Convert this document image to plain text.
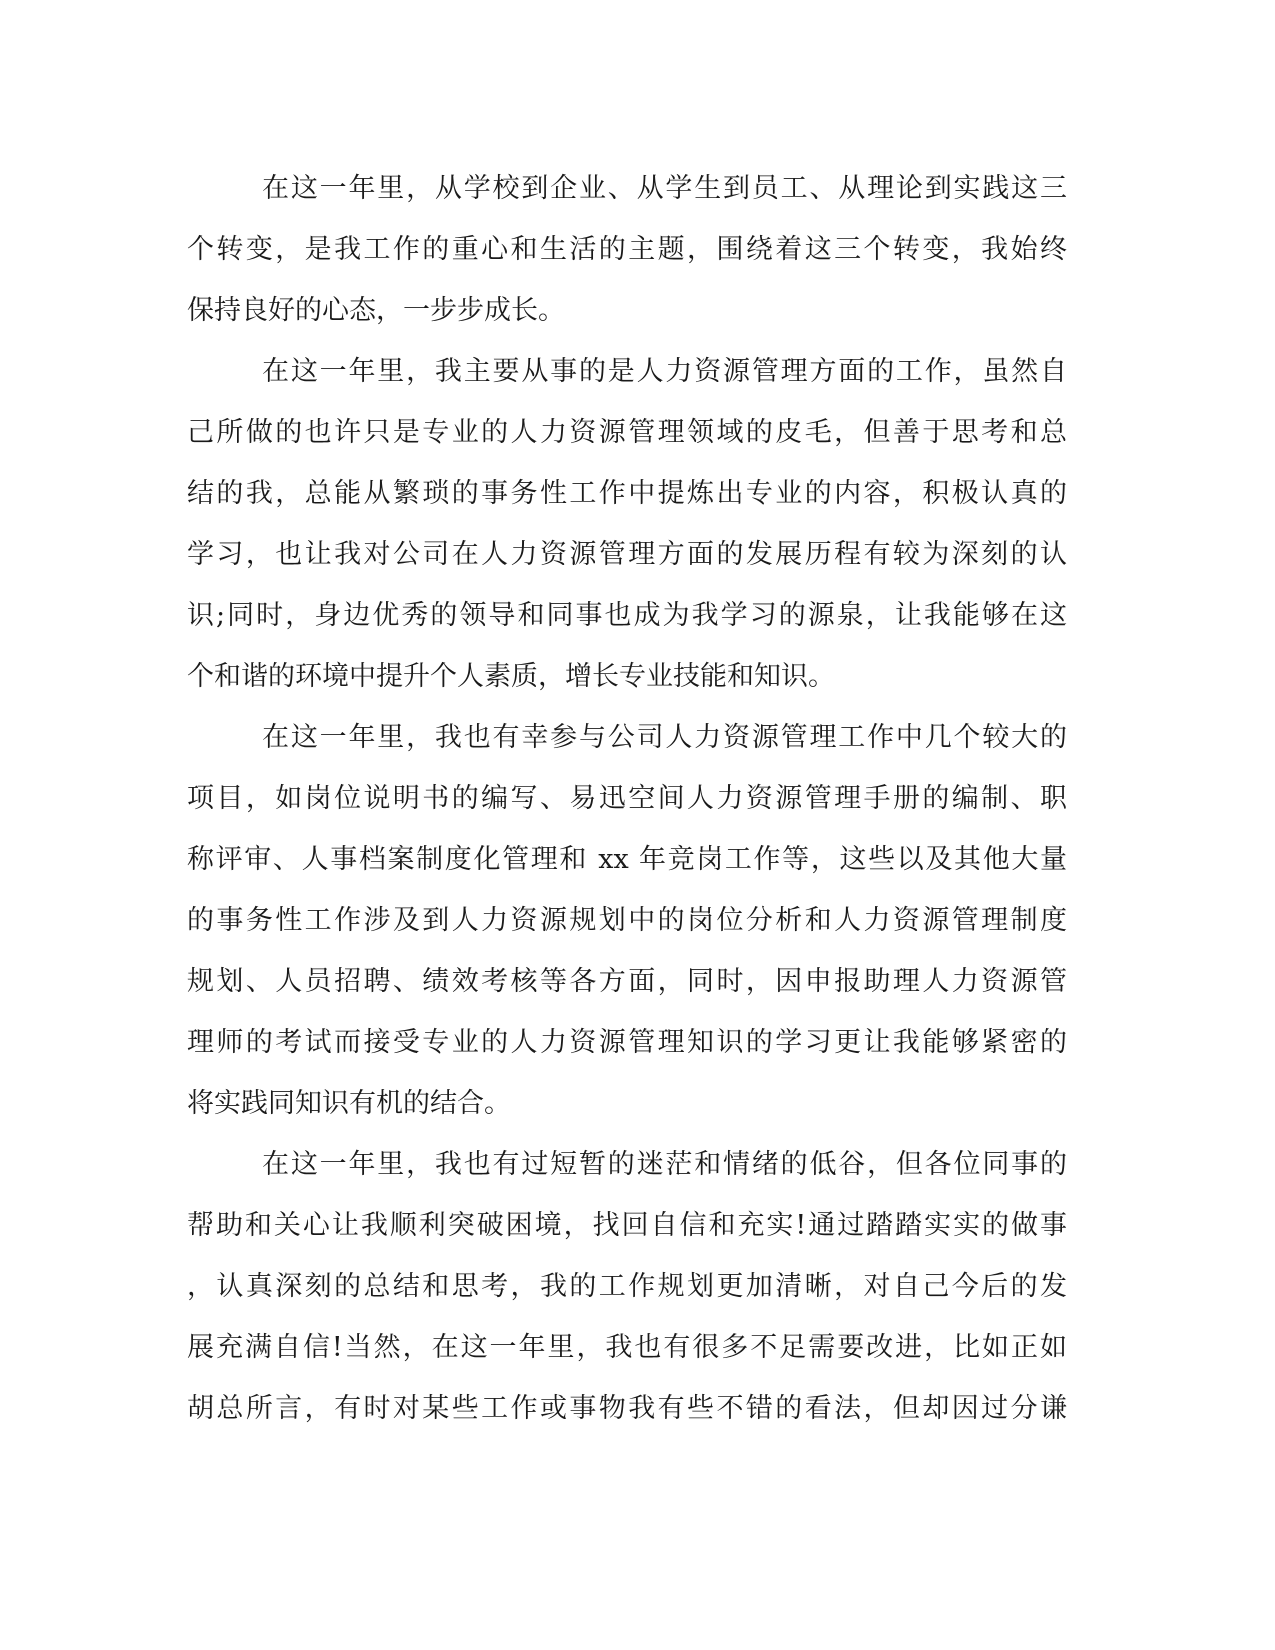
在这一年里，从学校到企业、从学生到员工、从理论到实践这三
个转变，是我工作的重心和生活的主题，围绕着这三个转变，我始终
保持良好的心态，一步步成长。
在这一年里，我主要从事的是人力资源管理方面的工作，虽然自
己所做的也许只是专业的人力资源管理领域的皮毛，但善于思考和总
结的我，总能从繁琐的事务性工作中提炼出专业的内容，积极认真的
学习，也让我对公司在人力资源管理方面的发展历程有较为深刻的认
识;同时，身边优秀的领导和同事也成为我学习的源泉，让我能够在这
个和谐的环境中提升个人素质，增长专业技能和知识。
在这一年里，我也有幸参与公司人力资源管理工作中几个较大的
项目，如岗位说明书的编写、易迅空间人力资源管理手册的编制、职
称评审、人事档案制度化管理和 xx 年竞岗工作等，这些以及其他大量
的事务性工作涉及到人力资源规划中的岗位分析和人力资源管理制度
规划、人员招聘、绩效考核等各方面，同时，因申报助理人力资源管
理师的考试而接受专业的人力资源管理知识的学习更让我能够紧密的
将实践同知识有机的结合。
在这一年里，我也有过短暂的迷茫和情绪的低谷，但各位同事的
帮助和关心让我顺利突破困境，找回自信和充实!通过踏踏实实的做事
，认真深刻的总结和思考，我的工作规划更加清晰，对自己今后的发
展充满自信!当然，在这一年里，我也有很多不足需要改进，比如正如
胡总所言，有时对某些工作或事物我有些不错的看法，但却因过分谦
